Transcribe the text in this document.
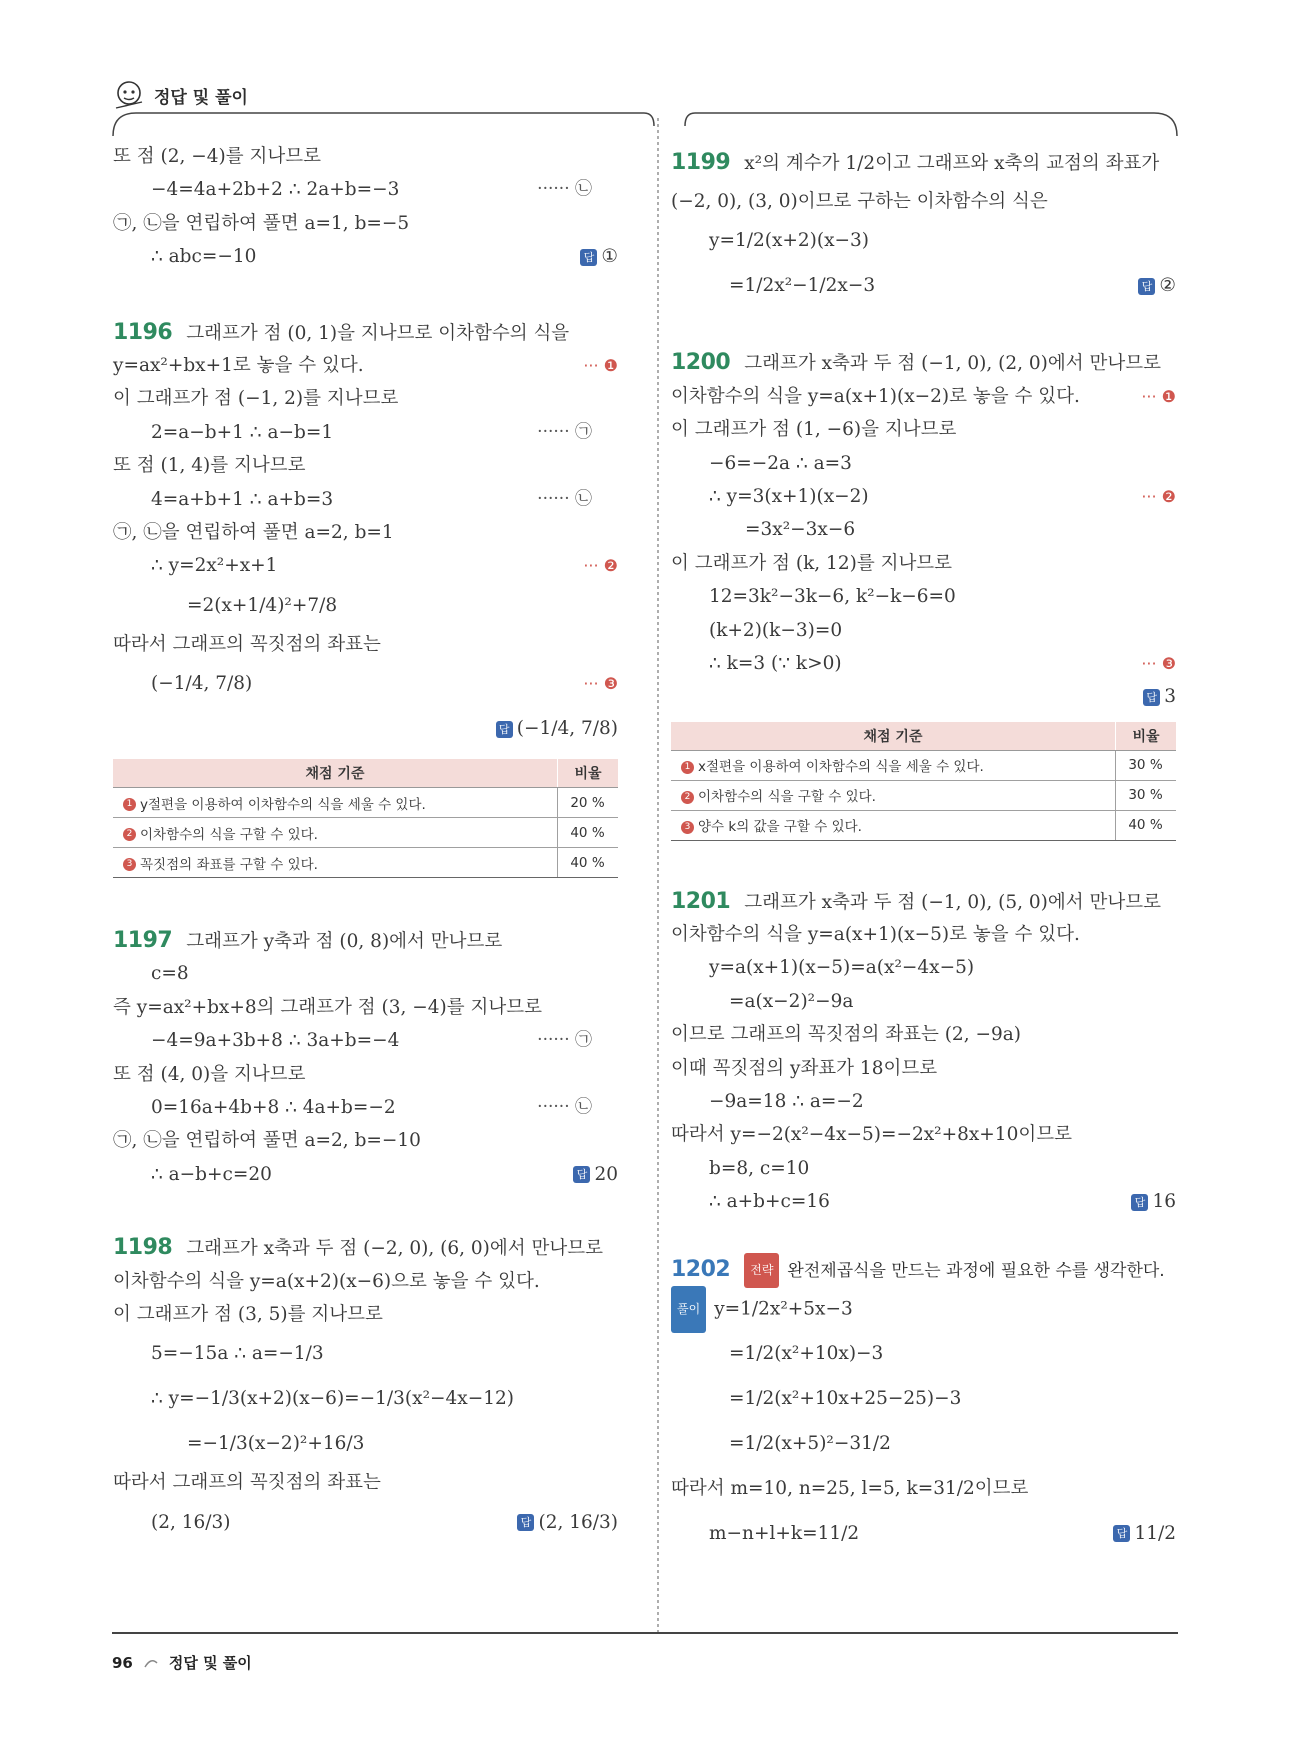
정답 및 풀이
또 점 (2, −4)를 지나므로
−4=4a+2b+2 ∴ 2a+b=−3	······ ㉡
㉠, ㉡을 연립하여 풀면 a=1, b=−5
∴ abc=−10	답 ①
1196 그래프가 점 (0, 1)을 지나므로 이차함수의 식을
y=ax²+bx+1로 놓을 수 있다.	··· ❶
이 그래프가 점 (−1, 2)를 지나므로
2=a−b+1 ∴ a−b=1	······ ㉠
또 점 (1, 4)를 지나므로
4=a+b+1 ∴ a+b=3	······ ㉡
㉠, ㉡을 연립하여 풀면 a=2, b=1
∴ y=2x²+x+1	··· ❷
=2(x+1/4)²+7/8
따라서 그래프의 꼭짓점의 좌표는
(−1/4, 7/8)	··· ❸
답 (−1/4, 7/8)
채점 기준	비율
1 y절편을 이용하여 이차함수의 식을 세울 수 있다.	20 %
2 이차함수의 식을 구할 수 있다.	40 %
3 꼭짓점의 좌표를 구할 수 있다.	40 %
1197 그래프가 y축과 점 (0, 8)에서 만나므로
c=8
즉 y=ax²+bx+8의 그래프가 점 (3, −4)를 지나므로
−4=9a+3b+8 ∴ 3a+b=−4	······ ㉠
또 점 (4, 0)을 지나므로
0=16a+4b+8 ∴ 4a+b=−2	······ ㉡
㉠, ㉡을 연립하여 풀면 a=2, b=−10
∴ a−b+c=20	답 20
1198 그래프가 x축과 두 점 (−2, 0), (6, 0)에서 만나므로
이차함수의 식을 y=a(x+2)(x−6)으로 놓을 수 있다.
이 그래프가 점 (3, 5)를 지나므로
5=−15a ∴ a=−1/3
∴ y=−1/3(x+2)(x−6)=−1/3(x²−4x−12)
=−1/3(x−2)²+16/3
따라서 그래프의 꼭짓점의 좌표는
(2, 16/3)	답 (2, 16/3)
1199 x²의 계수가 1/2이고 그래프와 x축의 교점의 좌표가
(−2, 0), (3, 0)이므로 구하는 이차함수의 식은
y=1/2(x+2)(x−3)
=1/2x²−1/2x−3	답 ②
1200 그래프가 x축과 두 점 (−1, 0), (2, 0)에서 만나므로
이차함수의 식을 y=a(x+1)(x−2)로 놓을 수 있다.	··· ❶
이 그래프가 점 (1, −6)을 지나므로
−6=−2a ∴ a=3
∴ y=3(x+1)(x−2)	··· ❷
=3x²−3x−6
이 그래프가 점 (k, 12)를 지나므로
12=3k²−3k−6, k²−k−6=0
(k+2)(k−3)=0
∴ k=3 (∵ k>0)	··· ❸
답 3
채점 기준	비율
1 x절편을 이용하여 이차함수의 식을 세울 수 있다.	30 %
2 이차함수의 식을 구할 수 있다.	30 %
3 양수 k의 값을 구할 수 있다.	40 %
1201 그래프가 x축과 두 점 (−1, 0), (5, 0)에서 만나므로
이차함수의 식을 y=a(x+1)(x−5)로 놓을 수 있다.
y=a(x+1)(x−5)=a(x²−4x−5)
=a(x−2)²−9a
이므로 그래프의 꼭짓점의 좌표는 (2, −9a)
이때 꼭짓점의 y좌표가 18이므로
−9a=18 ∴ a=−2
따라서 y=−2(x²−4x−5)=−2x²+8x+10이므로
b=8, c=10
∴ a+b+c=16	답 16
1202 전략 완전제곱식을 만드는 과정에 필요한 수를 생각한다.
풀이 y=1/2x²+5x−3
=1/2(x²+10x)−3
=1/2(x²+10x+25−25)−3
=1/2(x+5)²−31/2
따라서 m=10, n=25, l=5, k=31/2이므로
m−n+l+k=11/2	답 11/2
96 정답 및 풀이
